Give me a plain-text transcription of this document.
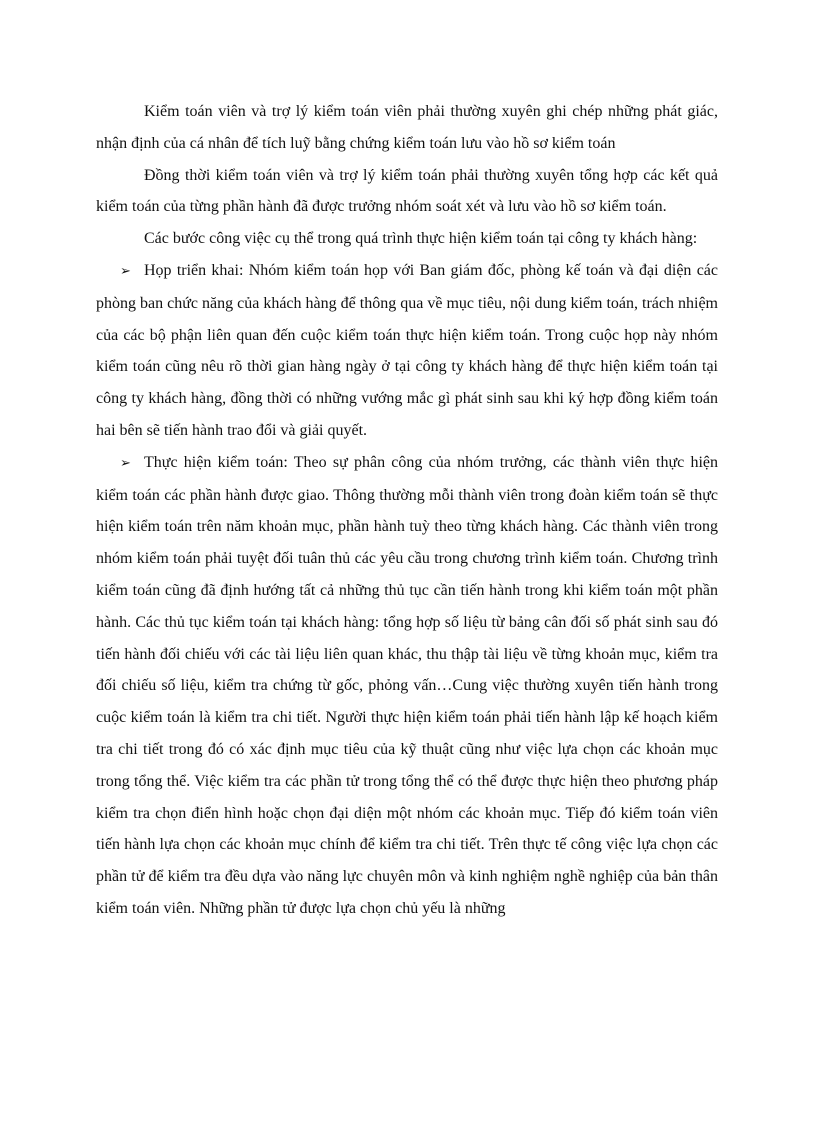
Kiểm toán viên và trợ lý kiểm toán viên phải thường xuyên ghi chép những phát giác, nhận định của cá nhân để tích luỹ bằng chứng kiểm toán lưu vào hồ sơ kiểm toán

Đồng thời kiểm toán viên và trợ lý kiểm toán phải thường xuyên tổng hợp các kết quả kiểm toán của từng phần hành đã được trưởng nhóm soát xét và lưu vào hồ sơ kiểm toán.

Các bước công việc cụ thể trong quá trình thực hiện kiểm toán tại công ty khách hàng:

➢ Họp triển khai: Nhóm kiểm toán họp với Ban giám đốc, phòng kế toán và đại diện các phòng ban chức năng của khách hàng để thông qua về mục tiêu, nội dung kiểm toán, trách nhiệm của các bộ phận liên quan đến cuộc kiểm toán thực hiện kiểm toán. Trong cuộc họp này nhóm kiểm toán cũng nêu rõ thời gian hàng ngày ở tại công ty khách hàng để thực hiện kiểm toán tại công ty khách hàng, đồng thời có những vướng mắc gì phát sinh sau khi ký hợp đồng kiểm toán hai bên sẽ tiến hành trao đổi và giải quyết.

➢ Thực hiện kiểm toán: Theo sự phân công của nhóm trưởng, các thành viên thực hiện kiểm toán các phần hành được giao. Thông thường mỗi thành viên trong đoàn kiểm toán sẽ thực hiện kiểm toán trên năm khoản mục, phần hành tuỳ theo từng khách hàng. Các thành viên trong nhóm kiểm toán phải tuyệt đối tuân thủ các yêu cầu trong chương trình kiểm toán. Chương trình kiểm toán cũng đã định hướng tất cả những thủ tục cần tiến hành trong khi kiểm toán một phần hành. Các thủ tục kiểm toán tại khách hàng: tổng hợp số liệu từ bảng cân đối số phát sinh sau đó tiến hành đối chiếu với các tài liệu liên quan khác, thu thập tài liệu về từng khoản mục, kiểm tra đối chiếu số liệu, kiểm tra chứng từ gốc, phỏng vấn…Cung việc thường xuyên tiến hành trong cuộc kiểm toán là kiểm tra chi tiết. Người thực hiện kiểm toán phải tiến hành lập kế hoạch kiểm tra chi tiết trong đó có xác định mục tiêu của kỹ thuật cũng như việc lựa chọn các khoản mục trong tổng thể. Việc kiểm tra các phần tử trong tổng thể có thể được thực hiện theo phương pháp kiểm tra chọn điển hình hoặc chọn đại diện một nhóm các khoản mục. Tiếp đó kiểm toán viên tiến hành lựa chọn các khoản mục chính để kiểm tra chi tiết. Trên thực tế công việc lựa chọn các phần tử để kiểm tra đều dựa vào năng lực chuyên môn và kinh nghiệm nghề nghiệp của bản thân kiểm toán viên. Những phần tử được lựa chọn chủ yếu là những
